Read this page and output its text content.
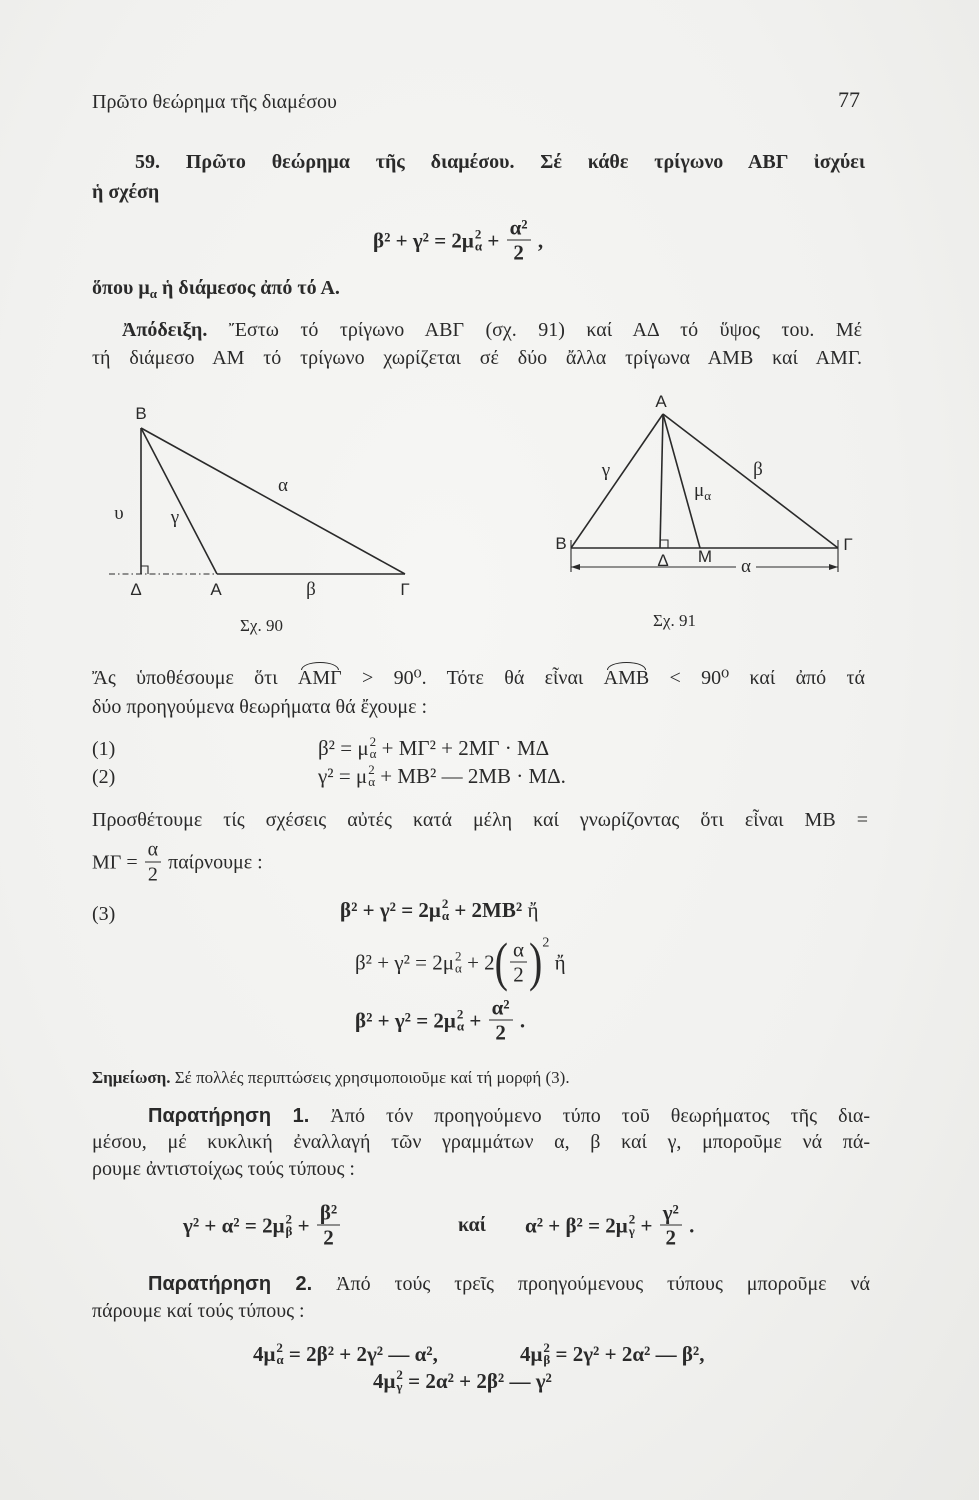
Πρῶτο θεώρημα τῆς διαμέσου	77
59. Πρῶτο θεώρημα τῆς διαμέσου. Σέ κάθε τρίγωνο ΑΒΓ ἰσχύει
ἡ σχέση
β² + γ² = 2μ 2
$\alpha + \frac{\text{α²}}{2}$ ,
ὅπου $\mu_\alpha$ ἡ διάμεσος ἀπό τό Α.
Ἀπόδειξη. Ἔστω τό τρίγωνο ΑΒΓ (σχ. 91) καί ΑΔ τό ὕψος του. Μέ
τή διάμεσο ΑΜ τό τρίγωνο χωρίζεται σέ δύο ἄλλα τρίγωνα ΑΜΒ καί ΑΜΓ.
Β
α
υ γ
Δ	Α	β	Γ
Σχ. 90
Α
γ	β
$\mu_\alpha$
Β	Γ
Δ Μ α
Σχ. 91
Ἄς ὑποθέσουμε ὅτι ΑΜΓ > 90⁰. Τότε θά εἶναι ΑΜΒ < 90⁰ καί ἀπό τά
δύο προηγούμενα θεωρήματα θά ἔχουμε :
(1)	β² = μ 2
α + ΜΓ² + 2ΜΓ · ΜΔ
(2)	γ² = μ 2
α + ΜΒ² — 2ΜΒ · ΜΔ.
Προσθέτουμε τίς σχέσεις αὐτές κατά μέλη καί γνωρίζοντας ὅτι εἶναι ΜΒ =
$M\Gamma = \frac{\alpha}{2}$ παίρνουμε :
(3)	β² + γ² = 2μ 2
α + 2ΜΒ² ἤ
β² + γ² = 2μ 2
α + 2 ( $\frac{\alpha}{2}$ ) 2
ἤ
β² + γ² = 2μ 2
$\alpha + \frac{\text{α²}}{2}$ .
Σημείωση. Σέ πολλές περιπτώσεις χρησιμοποιοῦμε καί τή μορφή (3).
Παρατήρηση 1. Ἀπό τόν προηγούμενο τύπο τοῦ θεωρήματος τῆς δια-
μέσου, μέ κυκλική ἐναλλαγή τῶν γραμμάτων α, β καί γ, μποροῦμε νά πά-
ρουμε ἀντιστοίχως τούς τύπους :
γ² + α² = 2μ 2
$\beta + \frac{\text{β²}}{2}$	καί α² + β² = 2μ 2
$\gamma + \frac{\text{γ²}}{2}$ .
Παρατήρηση 2. Ἀπό τούς τρεῖς προηγούμενους τύπους μποροῦμε νά
πάρουμε καί τούς τύπους :
4μ 2
α = 2β² + 2γ² — α²,	4μ 2
β = 2γ² + 2α² — β²,
4μ 2
γ = 2α² + 2β² — γ²
